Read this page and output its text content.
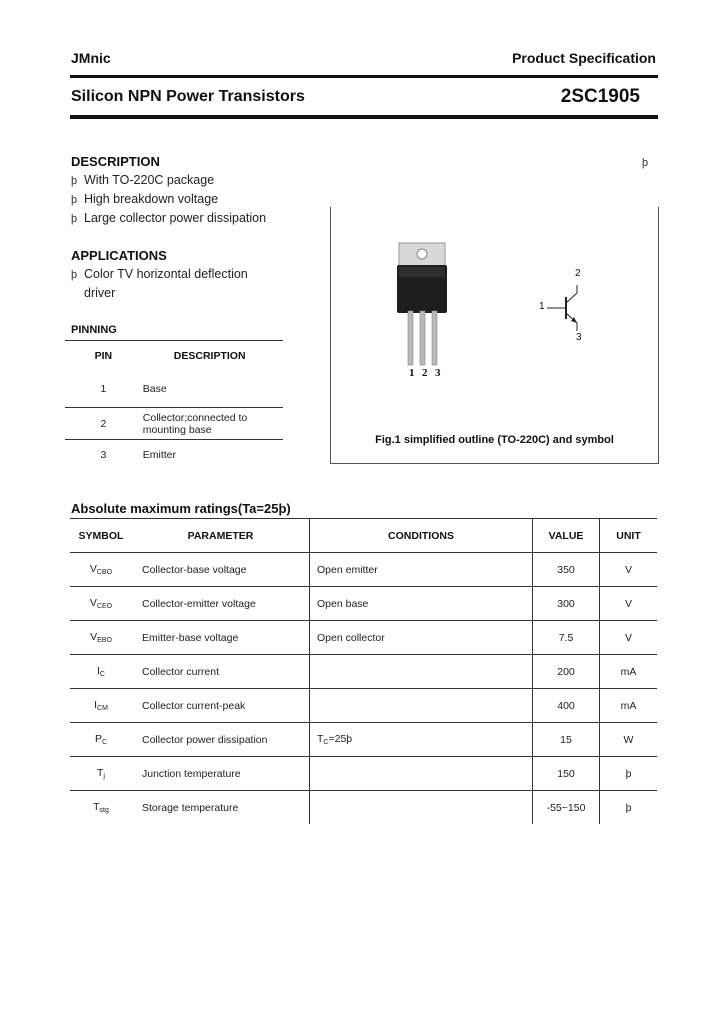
JMnic	Product Specification
Silicon NPN Power Transistors	2SC1905
DESCRIPTION	þ
þ With TO-220C package
þ High breakdown voltage
þ Large collector power dissipation
APPLICATIONS
þ Color TV horizontal deflection
driver
PINNING
PIN	DESCRIPTION
1	Base
2	Collector;connected to mounting base
3	Emitter
1 2 3
2
1
3
Fig.1 simplified outline (TO-220C) and symbol
Absolute maximum ratings(Ta=25þ)
SYMBOL	PARAMETER	CONDITIONS	VALUE	UNIT
$V_{CBO}$	Collector-base voltage	Open emitter	350	V
$V_{CEO}$	Collector-emitter voltage	Open base	300	V
$V_{EBO}$	Emitter-base voltage	Open collector	7.5	V
$I_C$	Collector current		200	mA
$I_{CM}$	Collector current-peak		400	mA
$P_C$	Collector power dissipation	$T_C=25þ$	15	W
$T_j$	Junction temperature		150	þ
$T_{stg}$	Storage temperature		-55~150	þ
